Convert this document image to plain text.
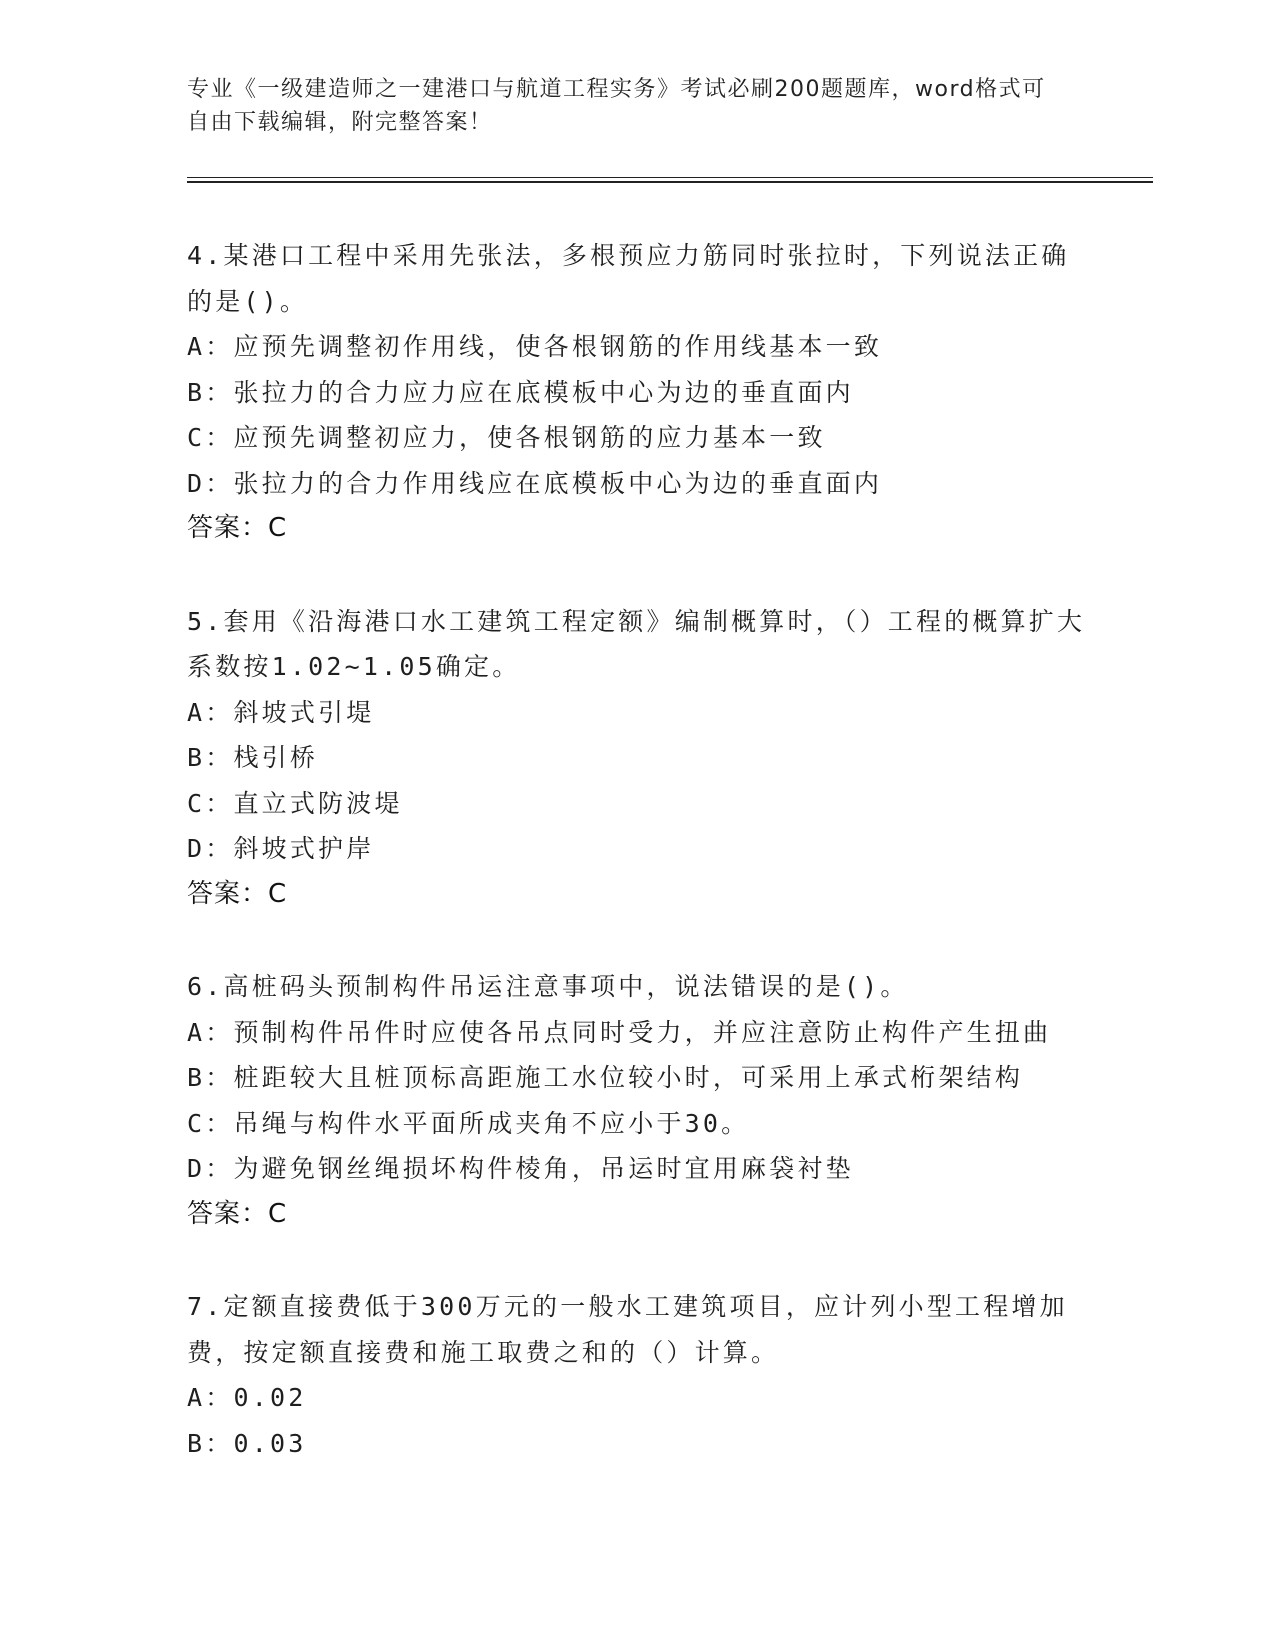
专业《一级建造师之一建港口与航道工程实务》考试必刷200题题库，word格式可自由下载编辑，附完整答案！

4.某港口工程中采用先张法，多根预应力筋同时张拉时，下列说法正确的是()。

A：应预先调整初作用线，使各根钢筋的作用线基本一致

B：张拉力的合力应力应在底模板中心为边的垂直面内

C：应预先调整初应力，使各根钢筋的应力基本一致

D：张拉力的合力作用线应在底模板中心为边的垂直面内

答案：C

5.套用《沿海港口水工建筑工程定额》编制概算时，（）工程的概算扩大系数按1.02~1.05确定。

A：斜坡式引堤

B：栈引桥

C：直立式防波堤

D：斜坡式护岸

答案：C

6.高桩码头预制构件吊运注意事项中，说法错误的是()。

A：预制构件吊件时应使各吊点同时受力，并应注意防止构件产生扭曲

B：桩距较大且桩顶标高距施工水位较小时，可采用上承式桁架结构

C：吊绳与构件水平面所成夹角不应小于30。

D：为避免钢丝绳损坏构件棱角，吊运时宜用麻袋衬垫

答案：C

7.定额直接费低于300万元的一般水工建筑项目，应计列小型工程增加费，按定额直接费和施工取费之和的（）计算。

A：0.02

B：0.03
